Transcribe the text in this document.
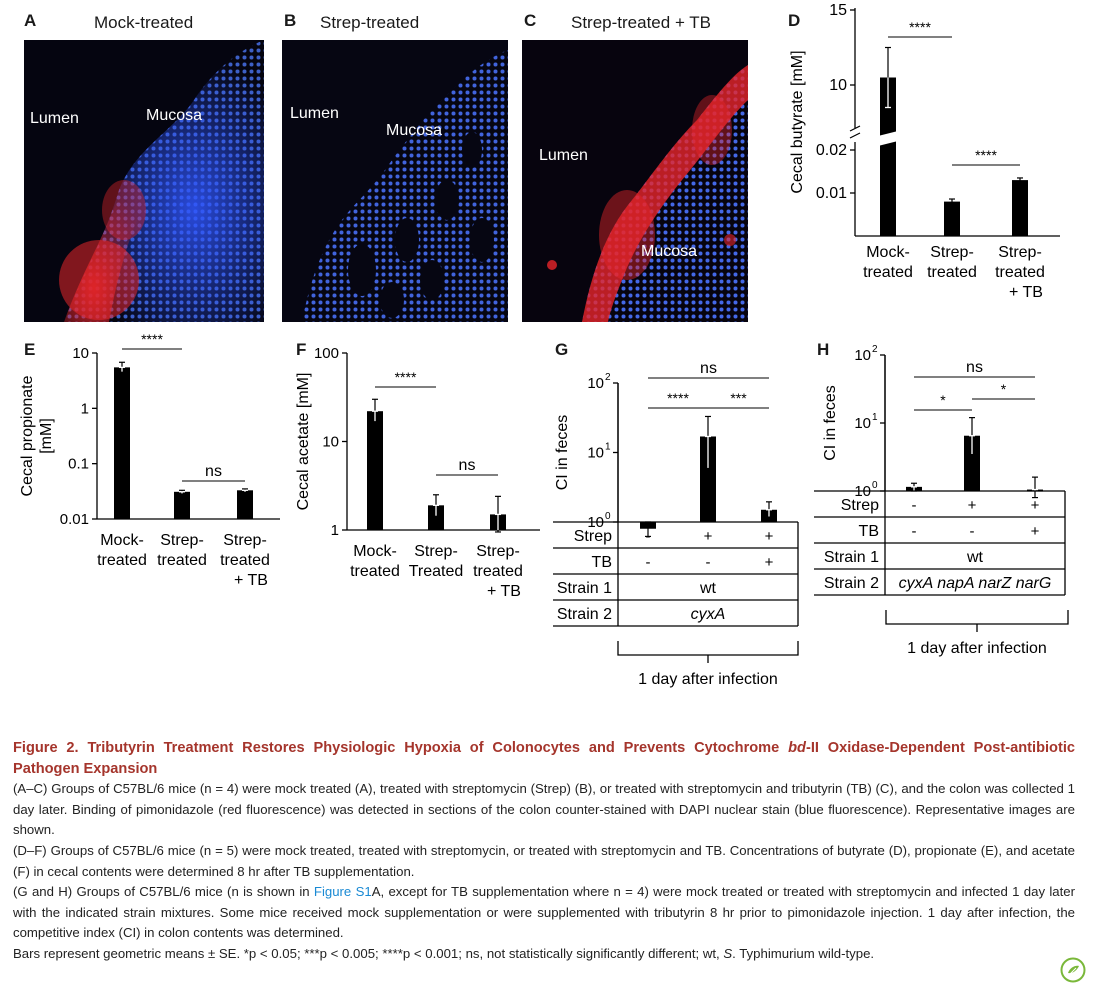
A	Mock-treated	B Strep-treated	C Strep-treated + TB	D
E	F	G	H
Lumen	Mucosa	Lumen
Mucosa
Lumen
Mucosa
15
10
0.02
0.01
Cecal butyrate [mM]
Mock-
treated
Strep-
treated
Strep-
treated
+ TB
****
****
10
1
0.1
0.01
Cecal propionate [mM]
Mock-
treated
Strep-
treated
Strep-
treated
+ TB
****
ns
100
10
1
Cecal acetate [mM]
Mock-
treated
Strep-
Treated
Strep-
treated
+ TB
****
ns
10 2
10 1
10 0
CI in feces
ns
****	***
Strep -	+	+
TB -	-	+
Strain 1	wt
Strain 2	cyxA
1 day after infection
10 2
10 1
10 0
CI in feces
ns
*
*
Strep -	+	+
TB -	-	+
Strain 1	wt
Strain 2 cyxA napA narZ narG
1 day after infection

Figure 2. Tributyrin Treatment Restores Physiologic Hypoxia of Colonocytes and Prevents Cytochrome bd-II Oxidase-Dependent Post-antibiotic Pathogen Expansion

(A–C) Groups of C57BL/6 mice (n = 4) were mock treated (A), treated with streptomycin (Strep) (B), or treated with streptomycin and tributyrin (TB) (C), and the colon was collected 1 day later. Binding of pimonidazole (red fluorescence) was detected in sections of the colon counter-stained with DAPI nuclear stain (blue fluorescence). Representative images are shown.

(D–F) Groups of C57BL/6 mice (n = 5) were mock treated, treated with streptomycin, or treated with streptomycin and TB. Concentrations of butyrate (D), propionate (E), and acetate (F) in cecal contents were determined 8 hr after TB supplementation.

(G and H) Groups of C57BL/6 mice (n is shown in Figure S1A, except for TB supplementation where n = 4) were mock treated or treated with streptomycin and infected 1 day later with the indicated strain mixtures. Some mice received mock supplementation or were supplemented with tributyrin 8 hr prior to pimonidazole injection. 1 day after infection, the competitive index (CI) in colon contents was determined.

Bars represent geometric means ± SE. *p < 0.05; ***p < 0.005; ****p < 0.001; ns, not statistically significantly different; wt, S. Typhimurium wild-type.
